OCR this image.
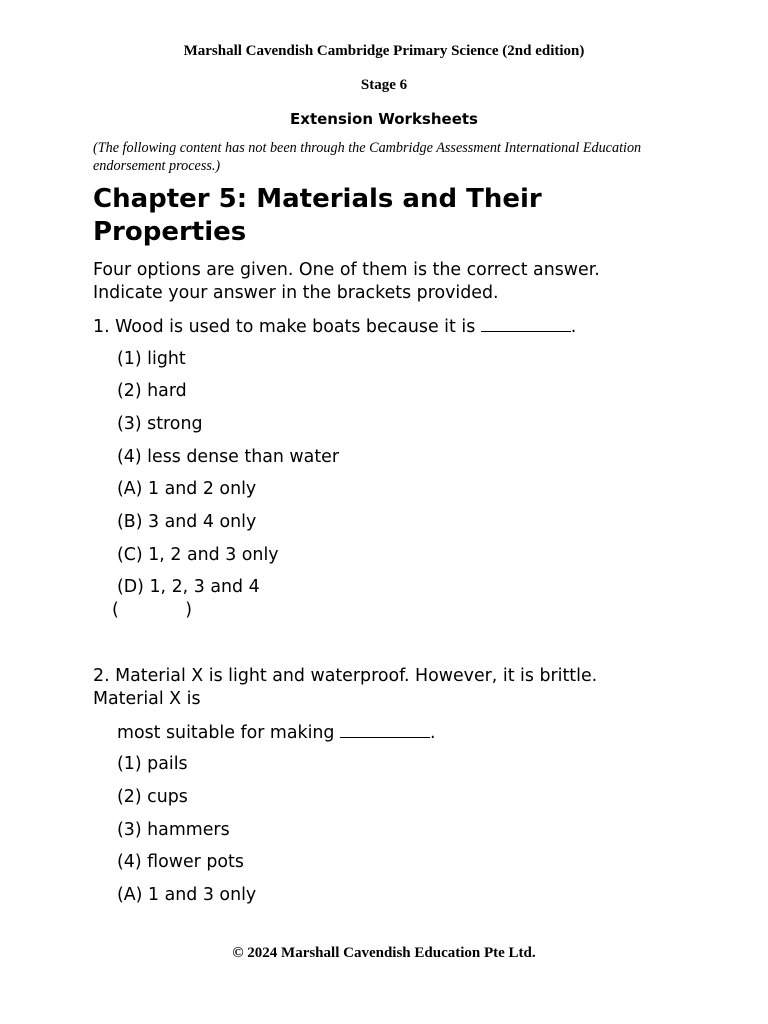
Marshall Cavendish Cambridge Primary Science (2nd edition)
Stage 6
Extension Worksheets
(The following content has not been through the Cambridge Assessment International Education endorsement process.)
Chapter 5: Materials and Their Properties
Four options are given. One of them is the correct answer. Indicate your answer in the brackets provided.
1. Wood is used to make boats because it is	.
(1) light
(2) hard
(3) strong
(4) less dense than water
(A) 1 and 2 only
(B) 3 and 4 only
(C) 1, 2 and 3 only
(D) 1, 2, 3 and 4
(	)
2. Material X is light and waterproof. However, it is brittle. Material X is
most suitable for making	.
(1) pails
(2) cups
(3) hammers
(4) flower pots
(A) 1 and 3 only
© 2024 Marshall Cavendish Education Pte Ltd.
